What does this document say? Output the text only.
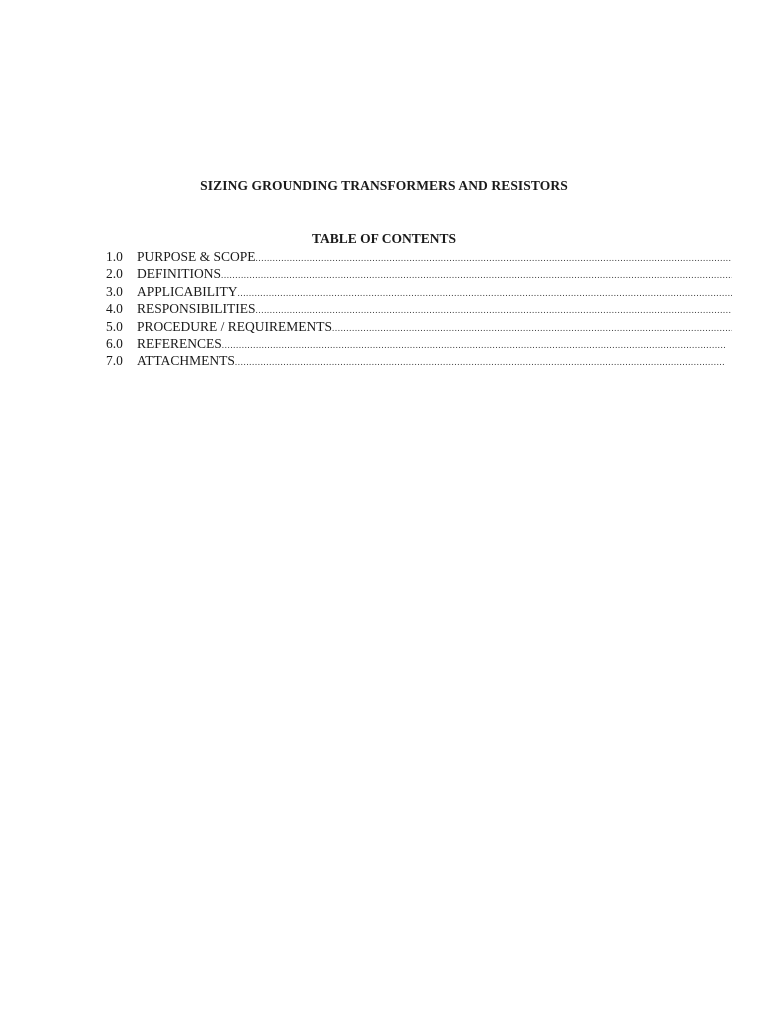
SIZING GROUNDING TRANSFORMERS AND RESISTORS
TABLE OF CONTENTS
1.0	PURPOSE & SCOPE
.....
2.0	DEFINITIONS
.....
3.0	APPLICABILITY
.....
4.0	RESPONSIBILITIES
.....
5.0	PROCEDURE / REQUIREMENTS
.....
6.0	REFERENCES
.....
7.0	ATTACHMENTS
.....
